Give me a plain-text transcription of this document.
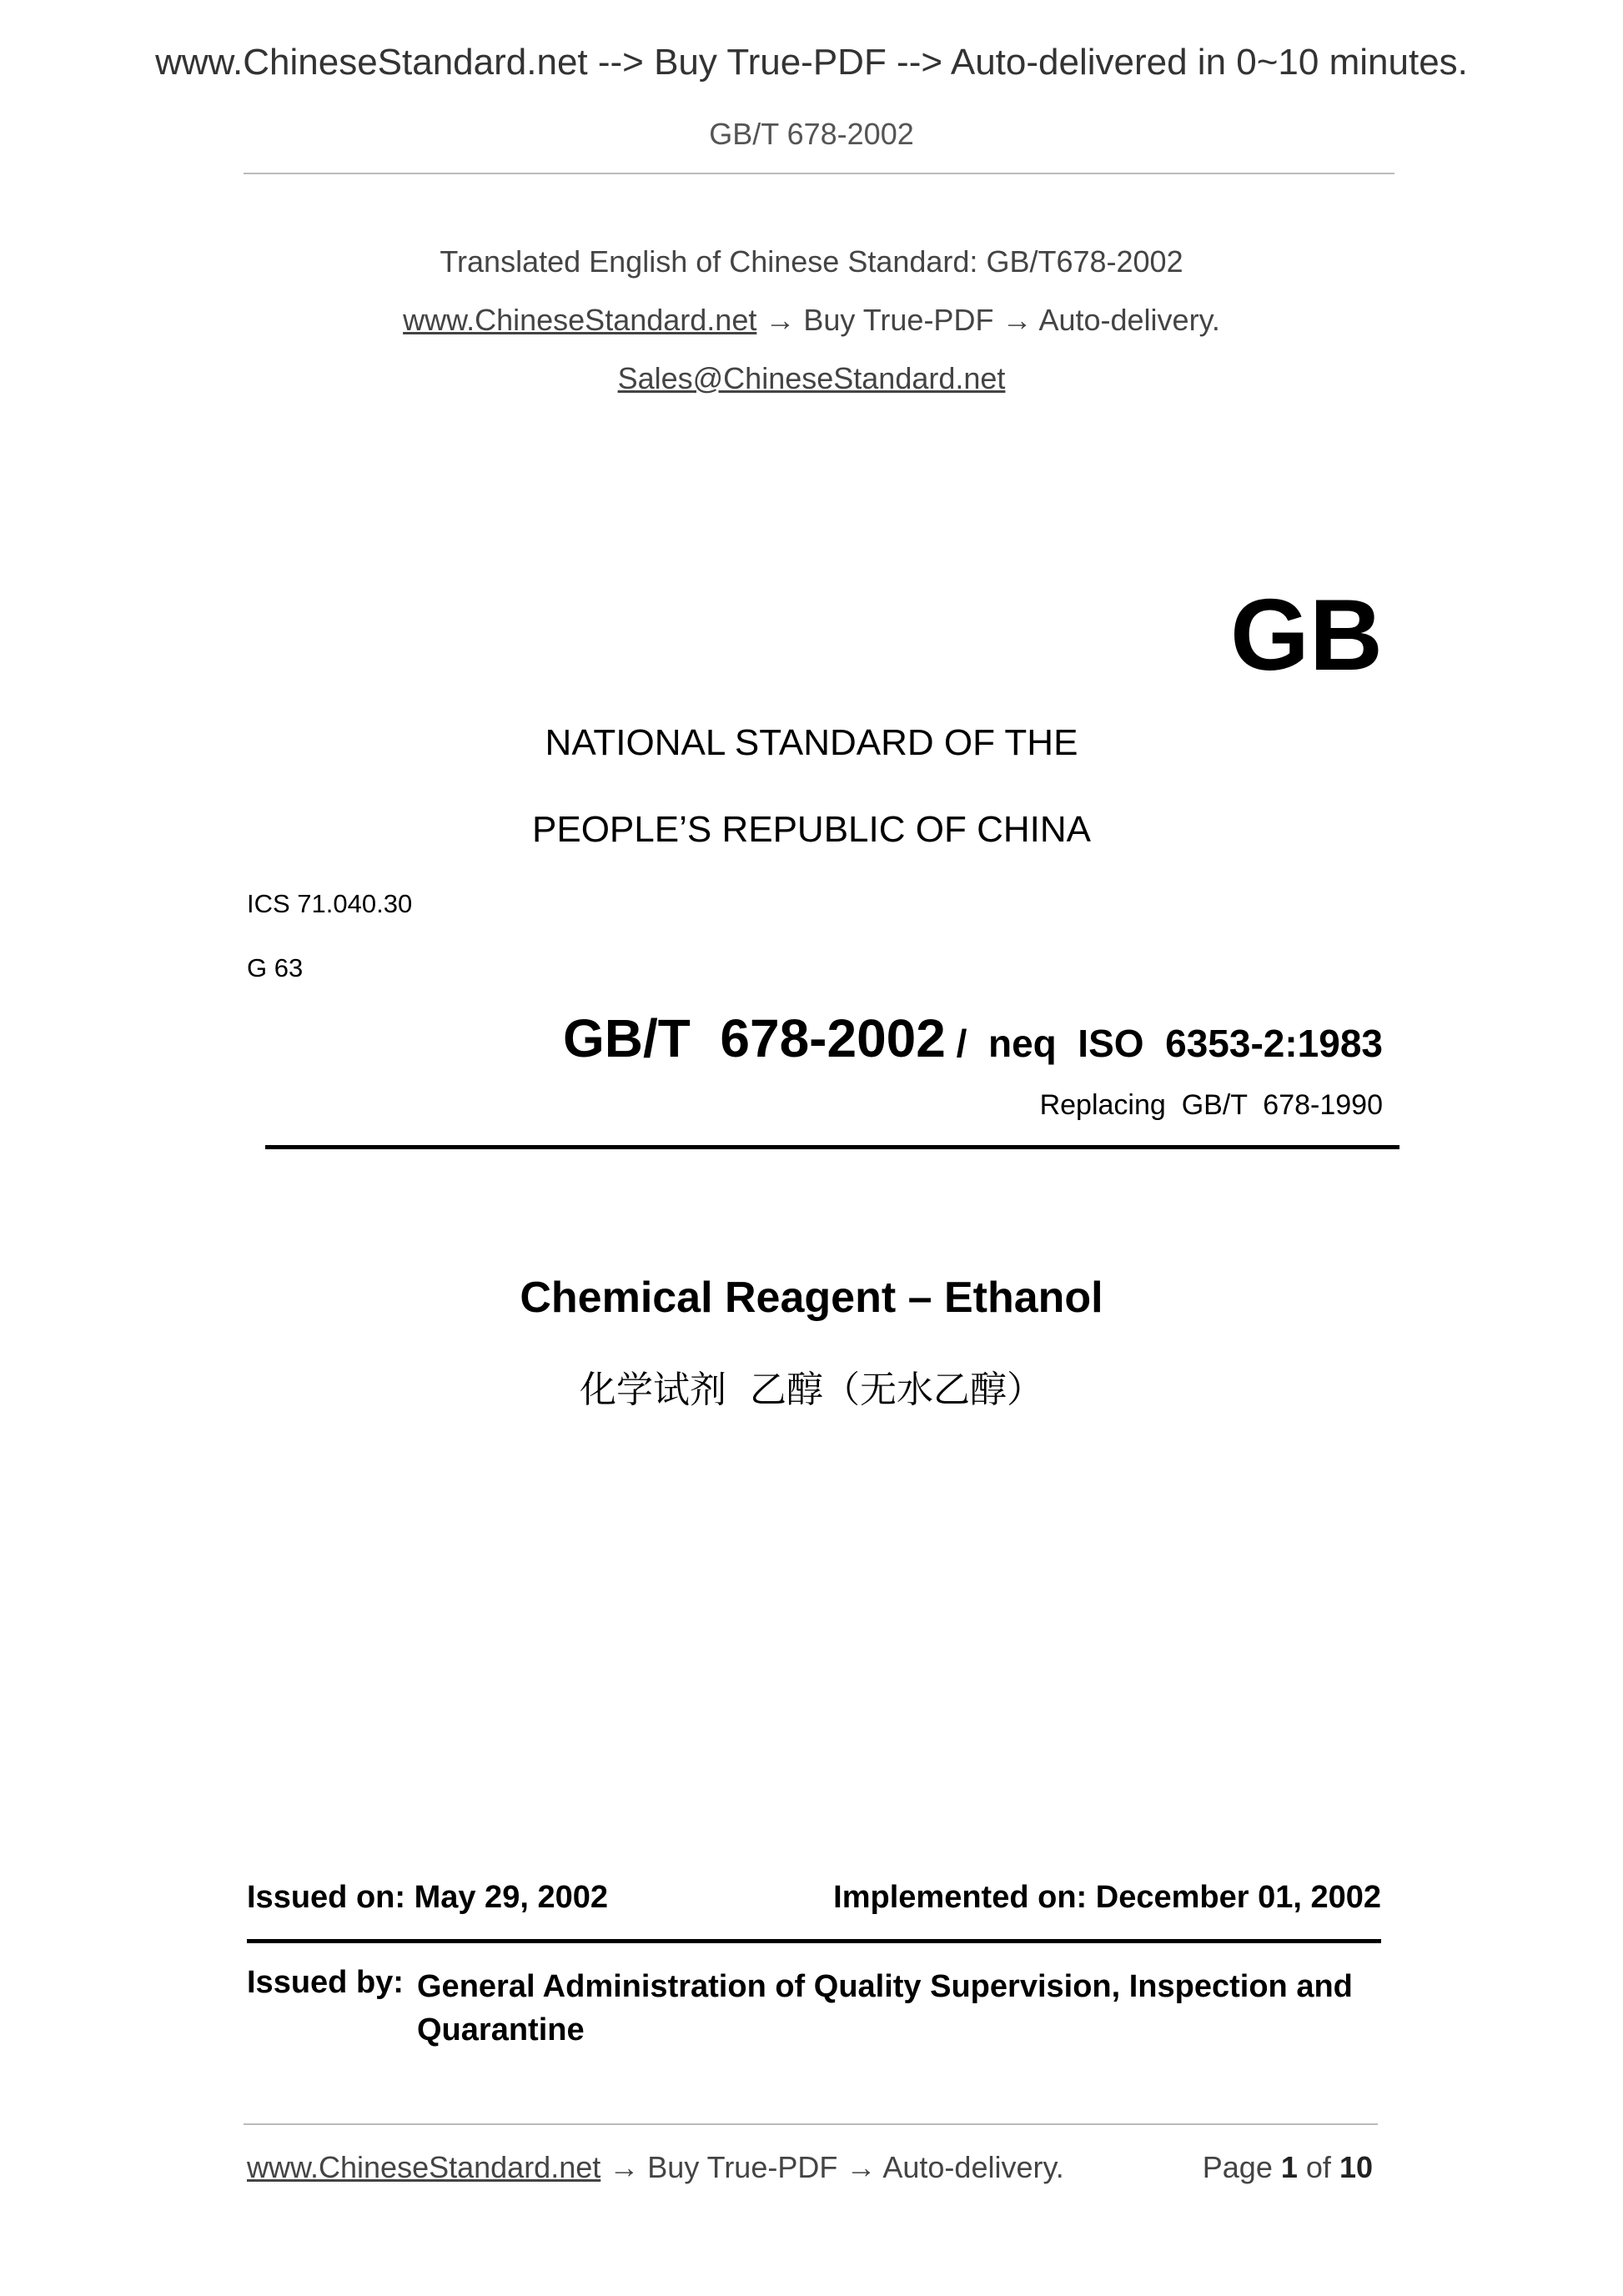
www.ChineseStandard.net --> Buy True-PDF --> Auto-delivered in 0~10 minutes.
GB/T 678-2002
Translated English of Chinese Standard: GB/T678-2002
www.ChineseStandard.net → Buy True-PDF → Auto-delivery.
Sales@ChineseStandard.net
GB
NATIONAL STANDARD OF THE
PEOPLE’S REPUBLIC OF CHINA
ICS 71.040.30
G 63
GB/T  678-2002 /  neq  ISO  6353-2:1983
Replacing  GB/T  678-1990
Chemical Reagent – Ethanol
化学试剂  乙醇（无水乙醇）
Issued on: May 29, 2002	Implemented on: December 01, 2002
Issued by: General Administration of Quality Supervision, Inspection and Quarantine
www.ChineseStandard.net → Buy True-PDF → Auto-delivery.	Page 1 of 10
